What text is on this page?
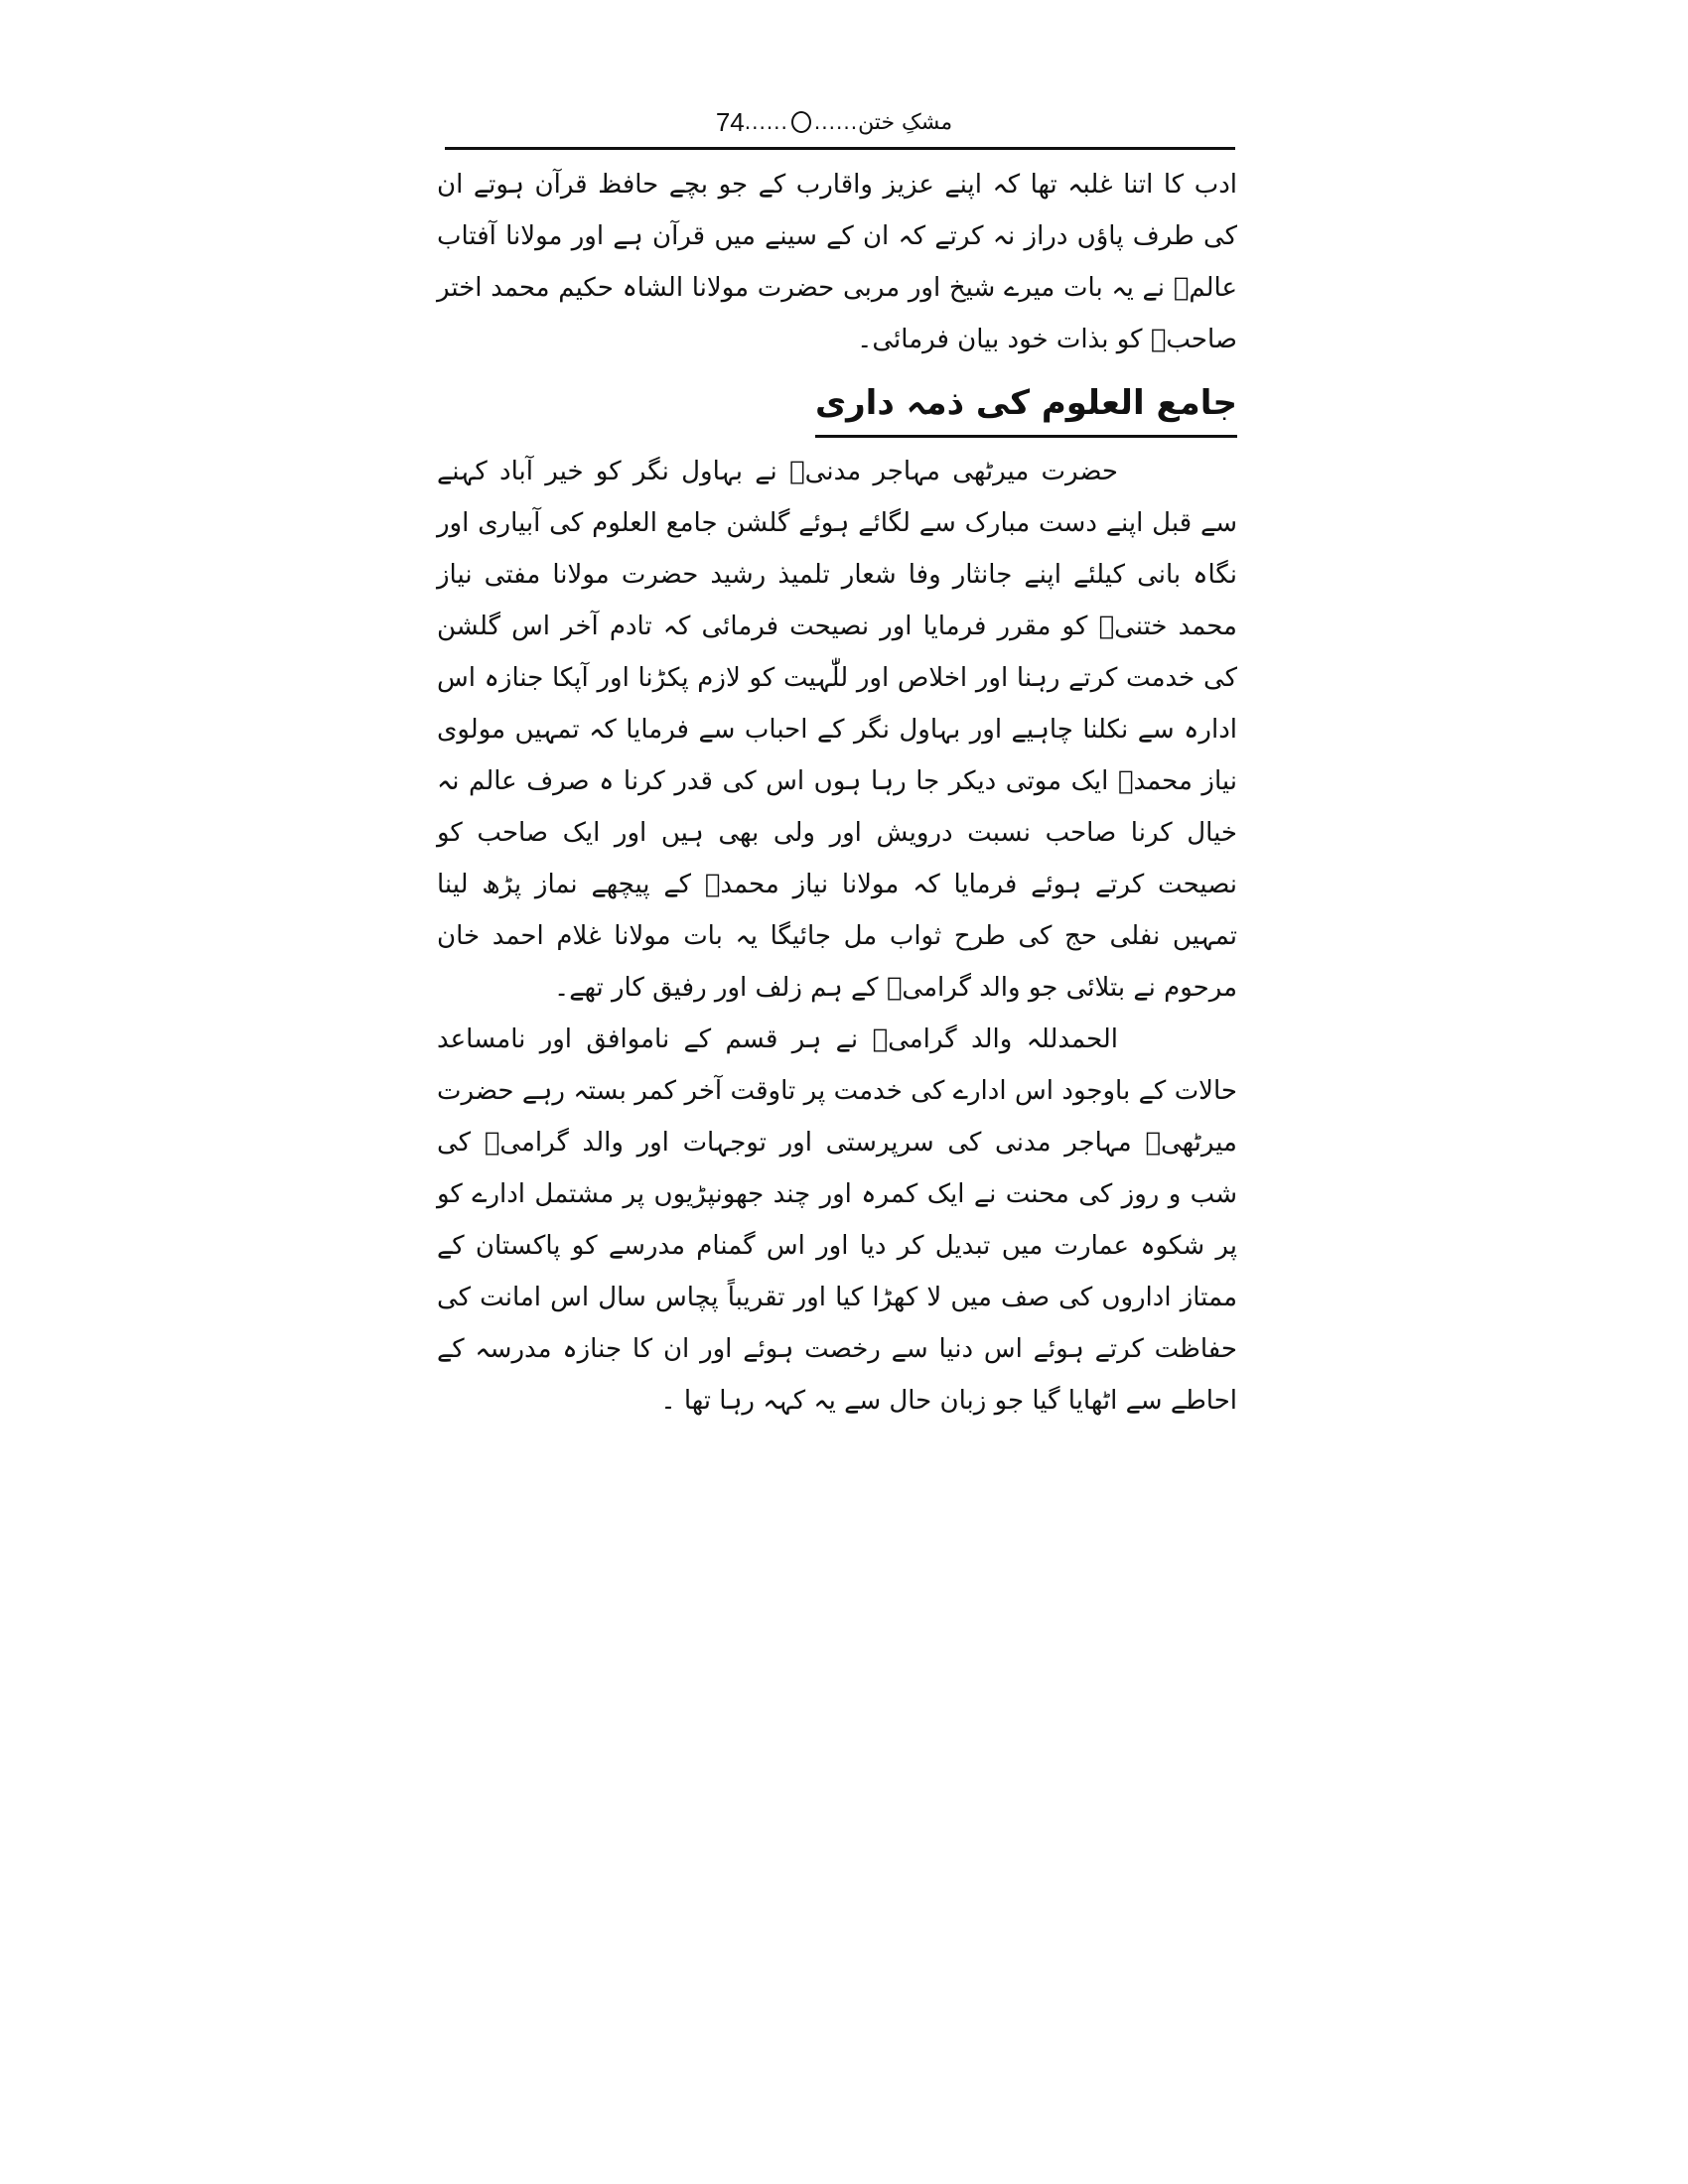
74 ...... ...... مشکِ ختن

ادب کا اتنا غلبہ تھا کہ اپنے عزیز واقارب کے جو بچے حافظ قرآن ہوتے ان کی طرف پاؤں دراز نہ کرتے کہ ان کے سینے میں قرآن ہے اور مولانا آفتاب عالمؒ نے یہ بات میرے شیخ اور مربی حضرت مولانا الشاہ حکیم محمد اختر صاحبؒ کو بذات خود بیان فرمائی۔

جامع العلوم کی ذمہ داری

حضرت میرٹھی مہاجر مدنیؒ نے بہاول نگر کو خیر آباد کہنے سے قبل اپنے دست مبارک سے لگائے ہوئے گلشن جامع العلوم کی آبیاری اور نگاہ بانی کیلئے اپنے جانثار وفا شعار تلمیذ رشید حضرت مولانا مفتی نیاز محمد ختنیؒ کو مقرر فرمایا اور نصیحت فرمائی کہ تادم آخر اس گلشن کی خدمت کرتے رہنا اور اخلاص اور للّٰہیت کو لازم پکڑنا اور آپکا جنازہ اس ادارہ سے نکلنا چاہیے اور بہاول نگر کے احباب سے فرمایا کہ تمہیں مولوی نیاز محمدؒ ایک موتی دیکر جا رہا ہوں اس کی قدر کرنا ہ صرف عالم نہ خیال کرنا صاحب نسبت درویش اور ولی بھی ہیں اور ایک صاحب کو نصیحت کرتے ہوئے فرمایا کہ مولانا نیاز محمدؒ کے پیچھے نماز پڑھ لینا تمہیں نفلی حج کی طرح ثواب مل جائیگا یہ بات مولانا غلام احمد خان مرحوم نے بتلائی جو والد گرامیؒ کے ہم زلف اور رفیق کار تھے۔

الحمدللہ والد گرامیؒ نے ہر قسم کے ناموافق اور نامساعد حالات کے باوجود اس ادارے کی خدمت پر تاوقت آخر کمر بستہ رہے حضرت میرٹھیؒ مہاجر مدنی کی سرپرستی اور توجہات اور والد گرامیؒ کی شب و روز کی محنت نے ایک کمرہ اور چند جھونپڑیوں پر مشتمل ادارے کو پر شکوہ عمارت میں تبدیل کر دیا اور اس گمنام مدرسے کو پاکستان کے ممتاز اداروں کی صف میں لا کھڑا کیا اور تقریباً پچاس سال اس امانت کی حفاظت کرتے ہوئے اس دنیا سے رخصت ہوئے اور ان کا جنازہ مدرسہ کے احاطے سے اٹھایا گیا جو زبان حال سے یہ کہہ رہا تھا ۔
